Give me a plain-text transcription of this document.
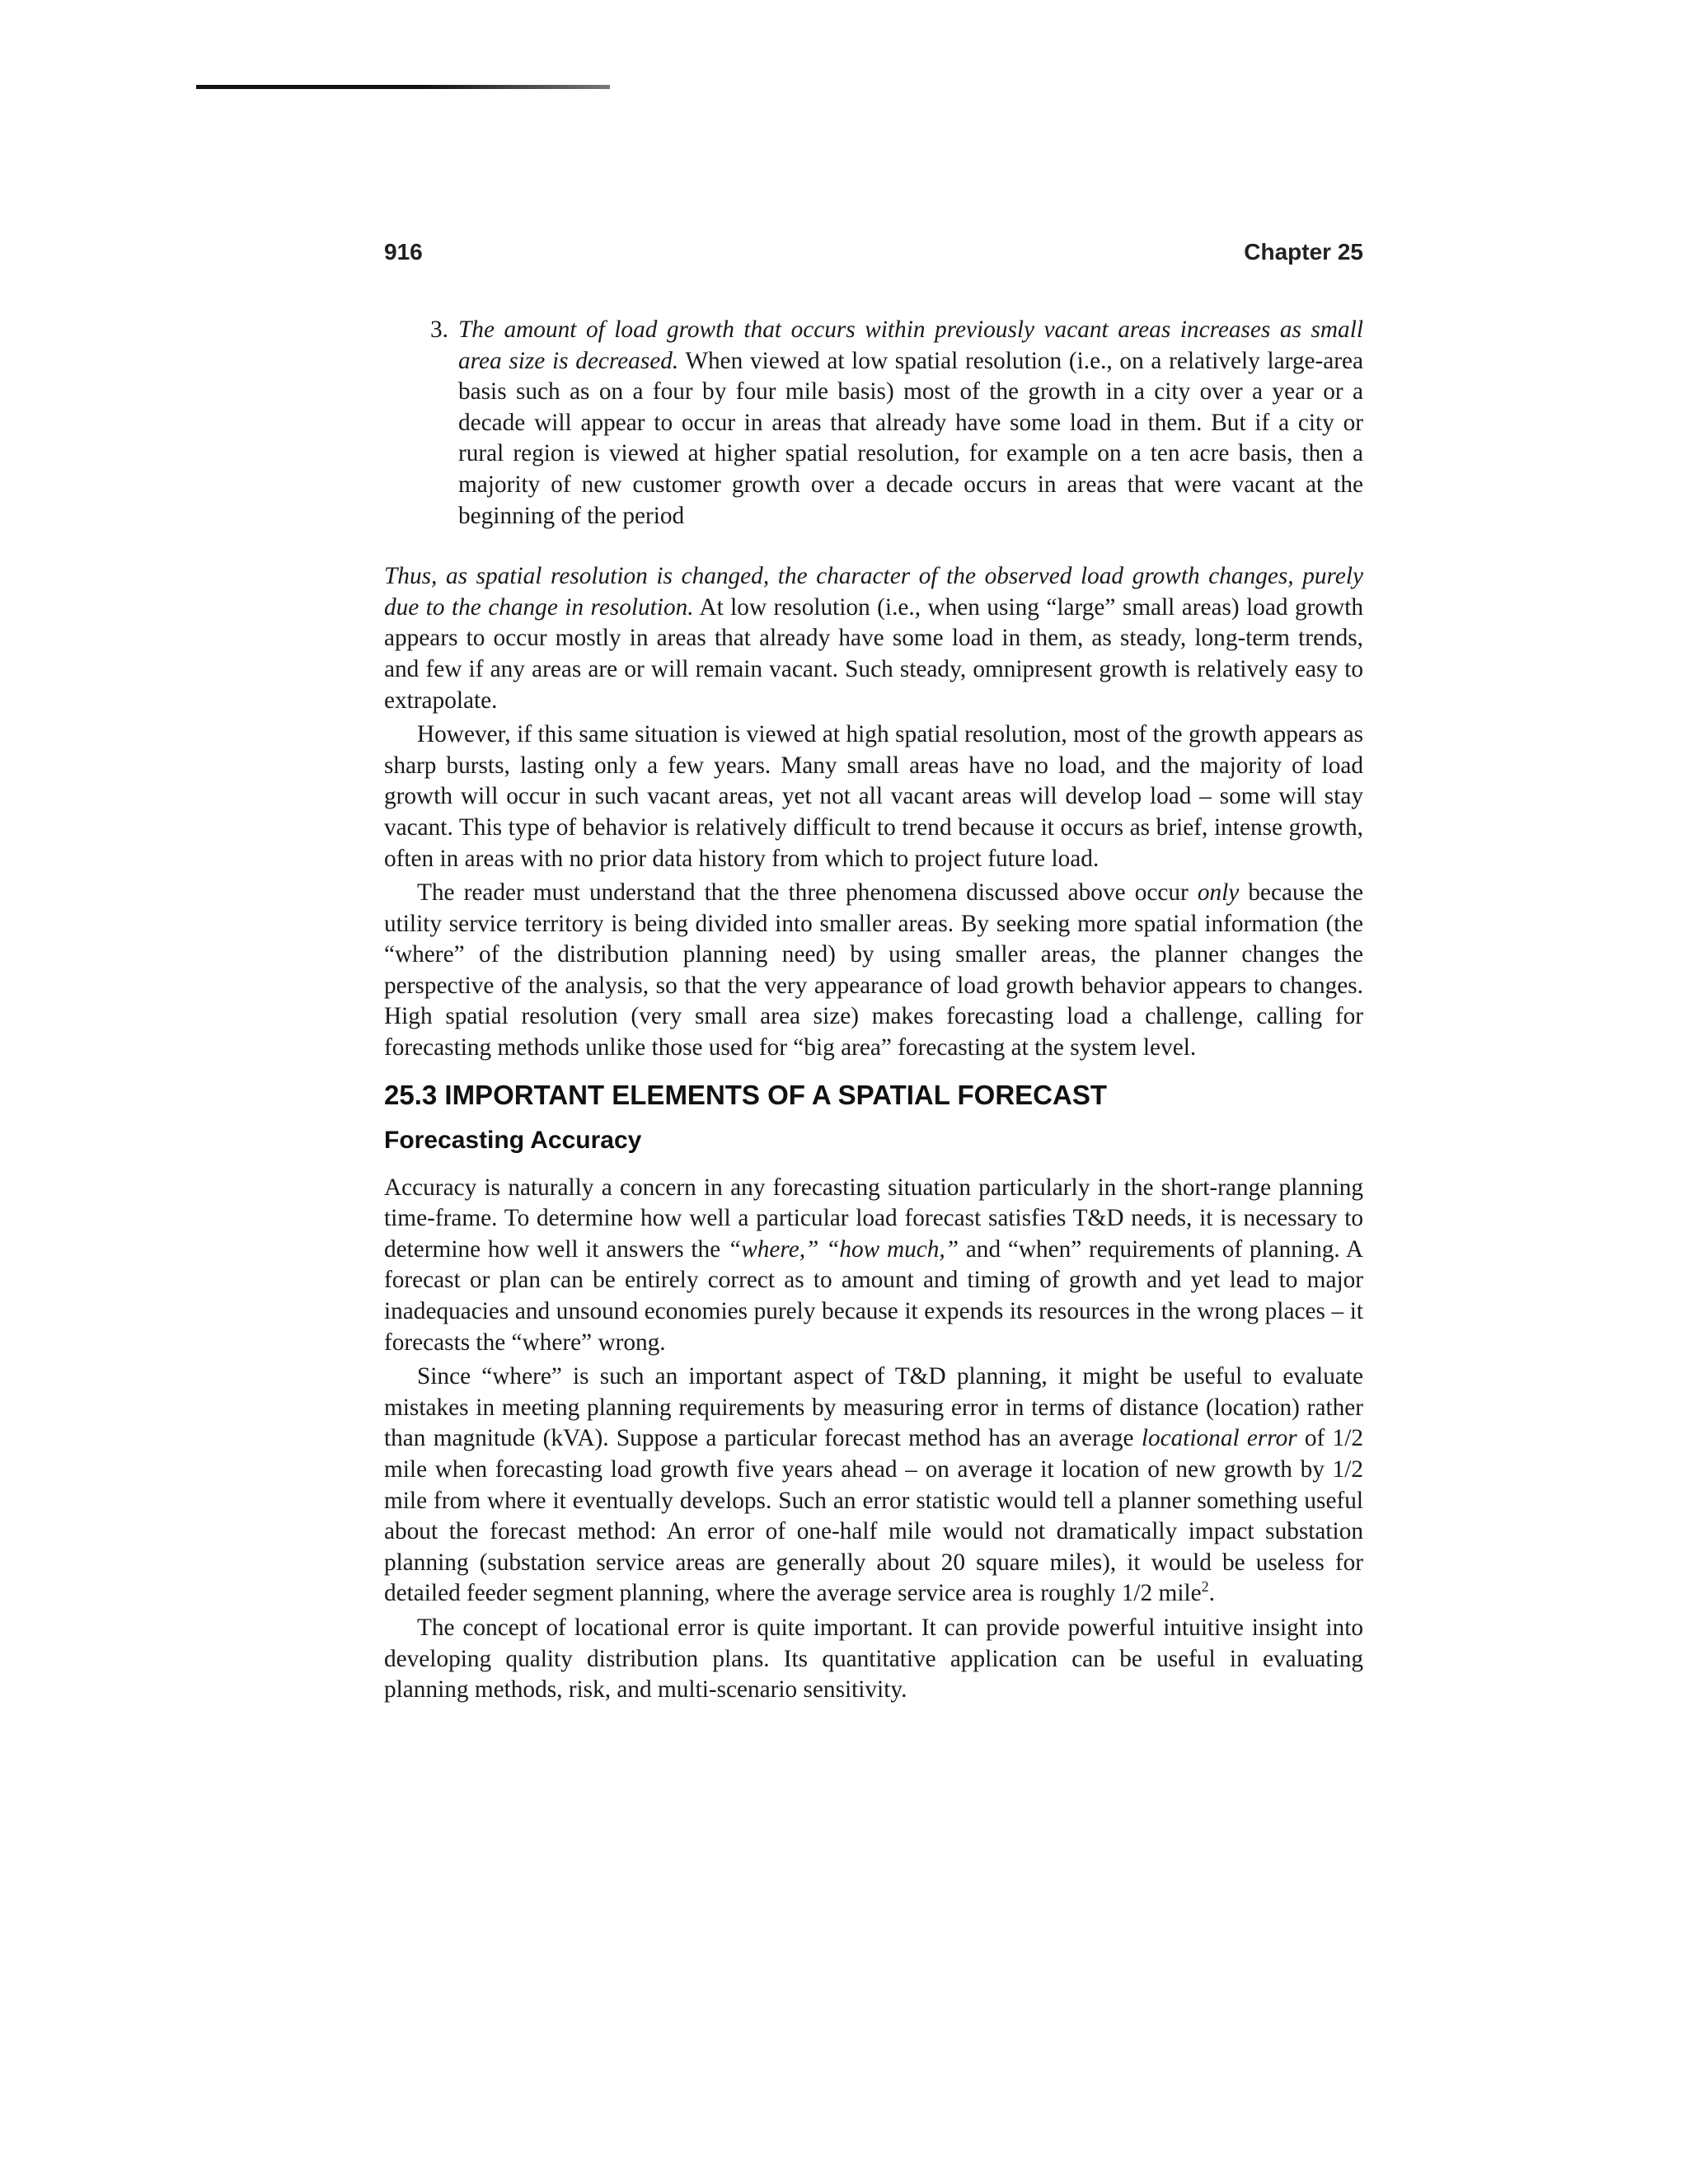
916	Chapter 25
3. The amount of load growth that occurs within previously vacant areas increases as small area size is decreased. When viewed at low spatial resolution (i.e., on a relatively large-area basis such as on a four by four mile basis) most of the growth in a city over a year or a decade will appear to occur in areas that already have some load in them. But if a city or rural region is viewed at higher spatial resolution, for example on a ten acre basis, then a majority of new customer growth over a decade occurs in areas that were vacant at the beginning of the period

Thus, as spatial resolution is changed, the character of the observed load growth changes, purely due to the change in resolution. At low resolution (i.e., when using “large” small areas) load growth appears to occur mostly in areas that already have some load in them, as steady, long-term trends, and few if any areas are or will remain vacant. Such steady, omnipresent growth is relatively easy to extrapolate.

However, if this same situation is viewed at high spatial resolution, most of the growth appears as sharp bursts, lasting only a few years. Many small areas have no load, and the majority of load growth will occur in such vacant areas, yet not all vacant areas will develop load – some will stay vacant. This type of behavior is relatively difficult to trend because it occurs as brief, intense growth, often in areas with no prior data history from which to project future load.

The reader must understand that the three phenomena discussed above occur only because the utility service territory is being divided into smaller areas. By seeking more spatial information (the “where” of the distribution planning need) by using smaller areas, the planner changes the perspective of the analysis, so that the very appearance of load growth behavior appears to changes. High spatial resolution (very small area size) makes forecasting load a challenge, calling for forecasting methods unlike those used for “big area” forecasting at the system level.

25.3 IMPORTANT ELEMENTS OF A SPATIAL FORECAST
Forecasting Accuracy

Accuracy is naturally a concern in any forecasting situation particularly in the short-range planning time-frame. To determine how well a particular load forecast satisfies T&D needs, it is necessary to determine how well it answers the “where,” “how much,” and “when” requirements of planning. A forecast or plan can be entirely correct as to amount and timing of growth and yet lead to major inadequacies and unsound economies purely because it expends its resources in the wrong places – it forecasts the “where” wrong.

Since “where” is such an important aspect of T&D planning, it might be useful to evaluate mistakes in meeting planning requirements by measuring error in terms of distance (location) rather than magnitude (kVA). Suppose a particular forecast method has an average locational error of 1/2 mile when forecasting load growth five years ahead – on average it location of new growth by 1/2 mile from where it eventually develops. Such an error statistic would tell a planner something useful about the forecast method: An error of one-half mile would not dramatically impact substation planning (substation service areas are generally about 20 square miles), it would be useless for detailed feeder segment planning, where the average service area is roughly 1/2 mile$^2$.

The concept of locational error is quite important. It can provide powerful intuitive insight into developing quality distribution plans. Its quantitative application can be useful in evaluating planning methods, risk, and multi-scenario sensitivity.
